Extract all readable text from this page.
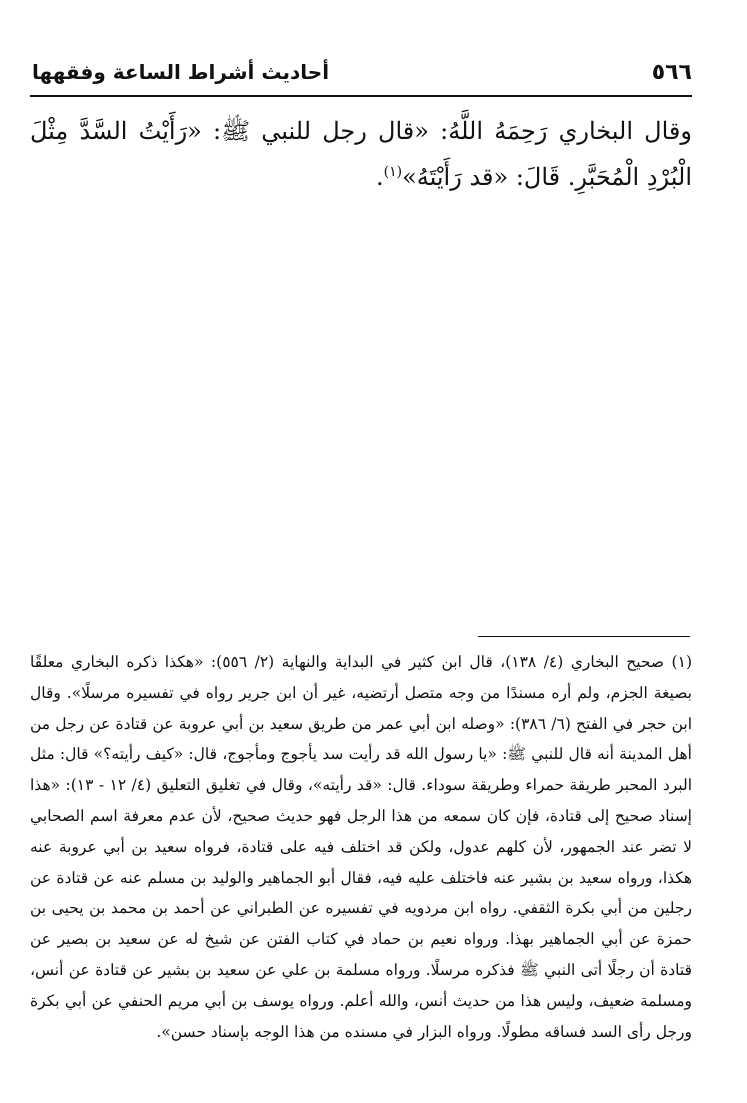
٥٦٦
أحاديث أشراط الساعة وفقهها
وقال البخاري رَحِمَهُ اللَّهُ: «قال رجل للنبي ﷺ: «رَأَيْتُ السَّدَّ مِثْلَ الْبُرْدِ الْمُحَبَّرِ. قَالَ: «قد رَأَيْتَهُ»$^{(١)}$.
(١) صحيح البخاري (٤/ ١٣٨)، قال ابن كثير في البداية والنهاية (٢/ ٥٥٦): «هكذا ذكره البخاري معلقًا بصيغة الجزم، ولم أره مسندًا من وجه متصل أرتضيه، غير أن ابن جرير رواه في تفسيره مرسلًا». وقال ابن حجر في الفتح (٦/ ٣٨٦): «وصله ابن أبي عمر من طريق سعيد بن أبي عروبة عن قتادة عن رجل من أهل المدينة أنه قال للنبي ﷺ: «يا رسول الله قد رأيت سد يأجوج ومأجوج، قال: «كيف رأيته؟» قال: مثل البرد المحبر طريقة حمراء وطريقة سوداء. قال: «قد رأيته»، وقال في تغليق التعليق (٤/ ١٢ - ١٣): «هذا إسناد صحيح إلى قتادة، فإن كان سمعه من هذا الرجل فهو حديث صحيح، لأن عدم معرفة اسم الصحابي لا تضر عند الجمهور، لأن كلهم عدول، ولكن قد اختلف فيه على قتادة، فرواه سعيد بن أبي عروبة عنه هكذا، ورواه سعيد بن بشير عنه فاختلف عليه فيه، فقال أبو الجماهير والوليد بن مسلم عنه عن قتادة عن رجلين من أبي بكرة الثقفي. رواه ابن مردويه في تفسيره عن الطبراني عن أحمد بن محمد بن يحيى بن حمزة عن أبي الجماهير بهذا. ورواه نعيم بن حماد في كتاب الفتن عن شيخ له عن سعيد بن بصير عن قتادة أن رجلًا أتى النبي ﷺ فذكره مرسلًا. ورواه مسلمة بن علي عن سعيد بن بشير عن قتادة عن أنس، ومسلمة ضعيف، وليس هذا من حديث أنس، والله أعلم. ورواه يوسف بن أبي مريم الحنفي عن أبي بكرة ورجل رأى السد فساقه مطولًا. ورواه البزار في مسنده من هذا الوجه بإسناد حسن».
